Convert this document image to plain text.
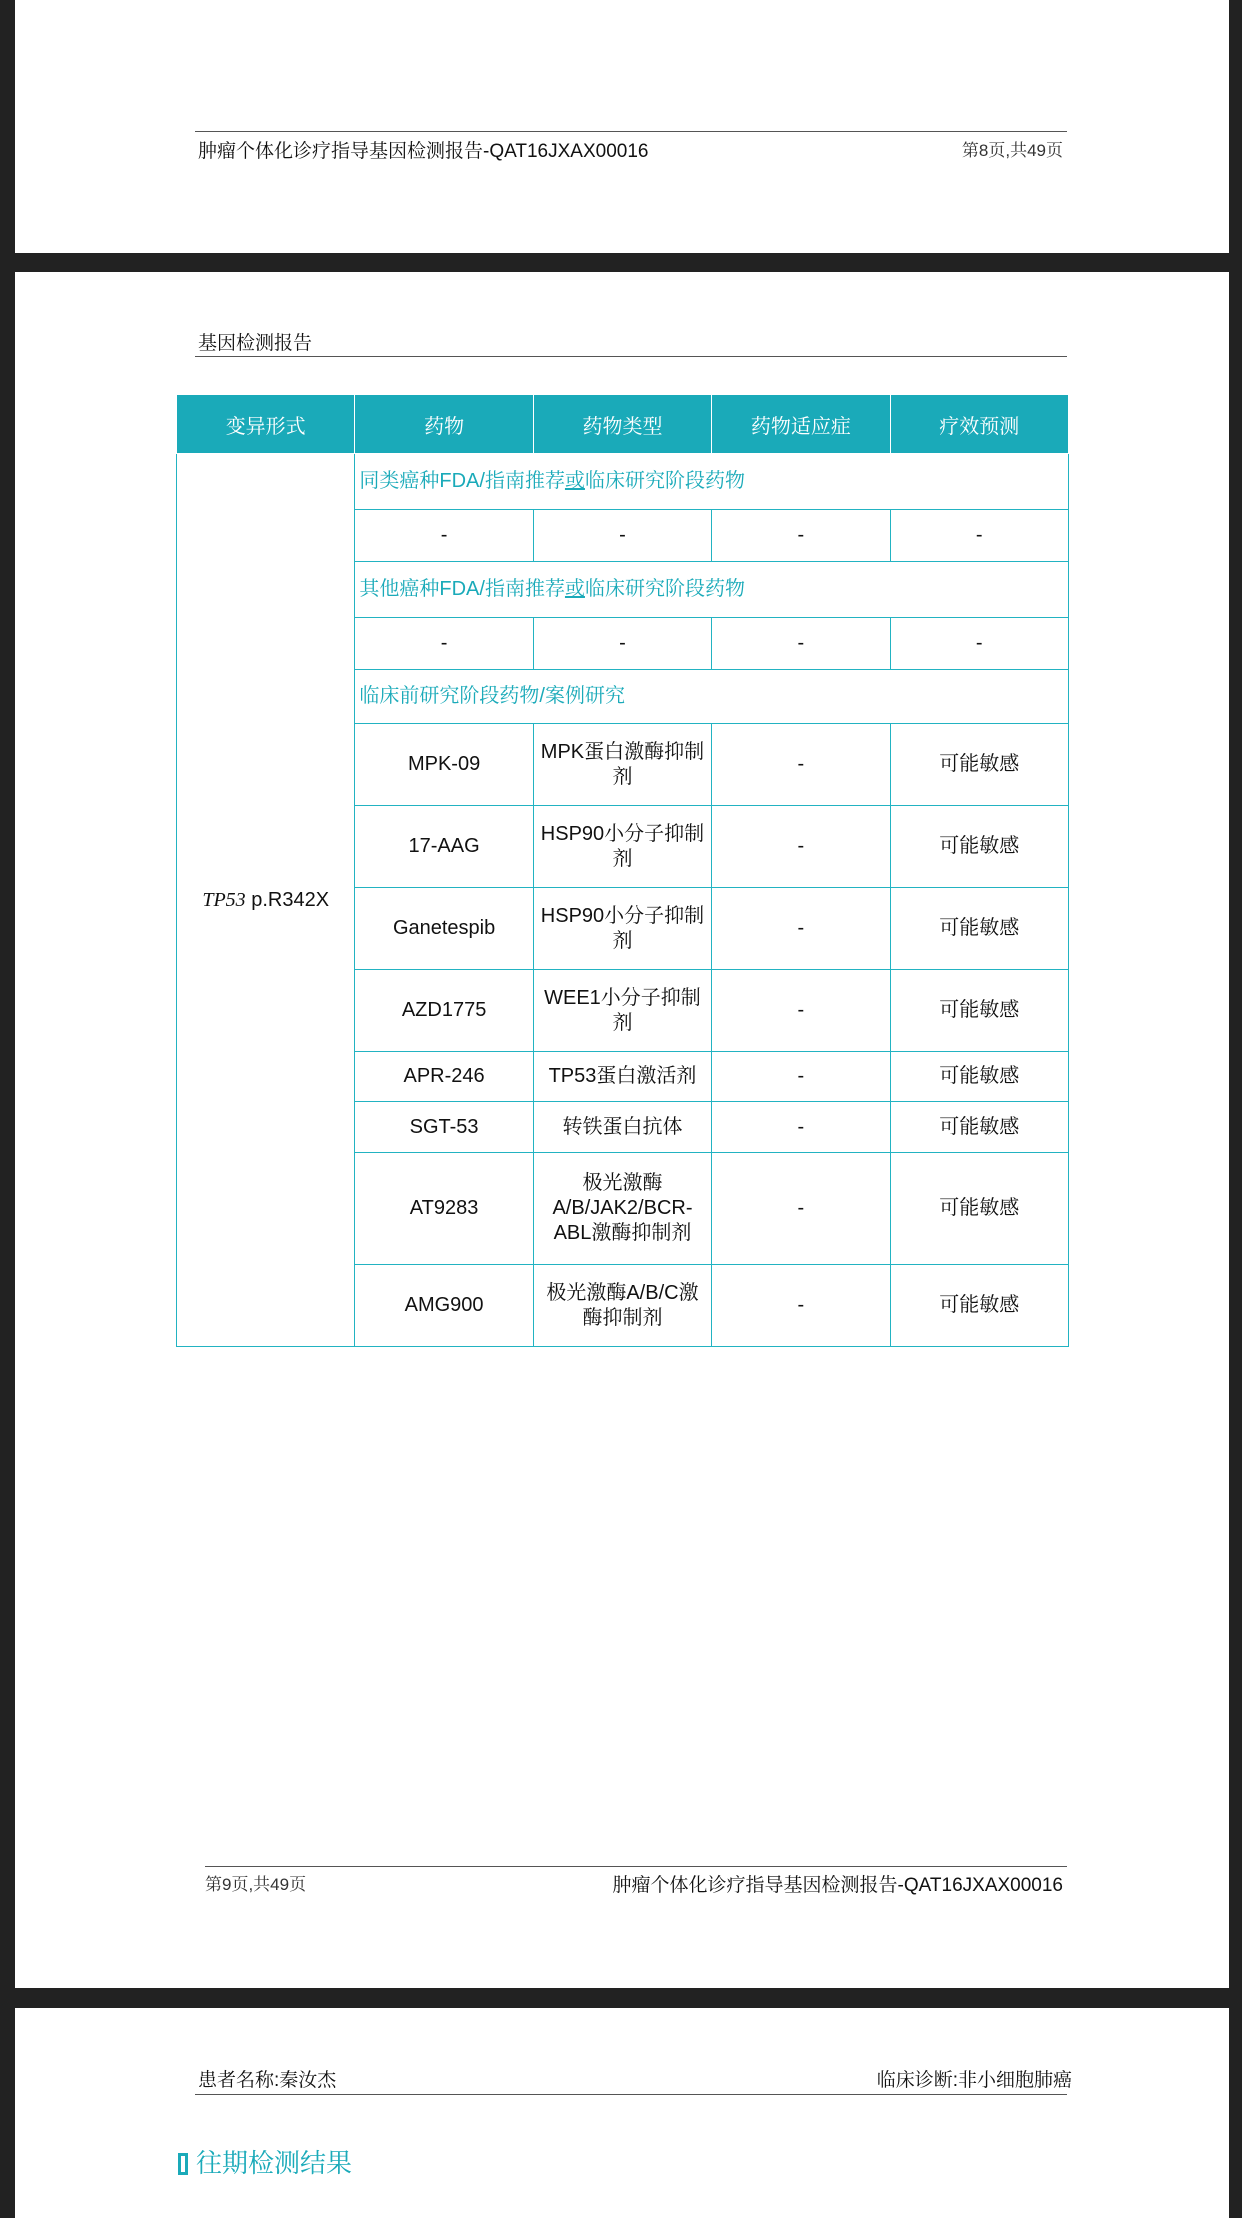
肿瘤个体化诊疗指导基因检测报告-QAT16JXAX00016	第8页,共49页
基因检测报告
变异形式	药物	药物类型	药物适应症	疗效预测
TP53 p.R342X	同类癌种FDA/指南推荐或临床研究阶段药物			
	-	-	-	-
	其他癌种FDA/指南推荐或临床研究阶段药物			
	-	-	-	-
	临床前研究阶段药物/案例研究			
	MPK-09	MPK蛋白激酶抑制
剂	-	可能敏感
	17-AAG	HSP90小分子抑制
剂	-	可能敏感
	Ganetespib	HSP90小分子抑制
剂	-	可能敏感
	AZD1775	WEE1小分子抑制
剂	-	可能敏感
	APR-246	TP53蛋白激活剂	-	可能敏感
	SGT-53	转铁蛋白抗体	-	可能敏感
	AT9283	极光激酶
A/B/JAK2/BCR-
ABL激酶抑制剂	-	可能敏感
	AMG900	极光激酶A/B/C激
酶抑制剂	-	可能敏感
第9页,共49页	肿瘤个体化诊疗指导基因检测报告-QAT16JXAX00016
患者名称:秦汝杰	临床诊断:非小细胞肺癌
往期检测结果
